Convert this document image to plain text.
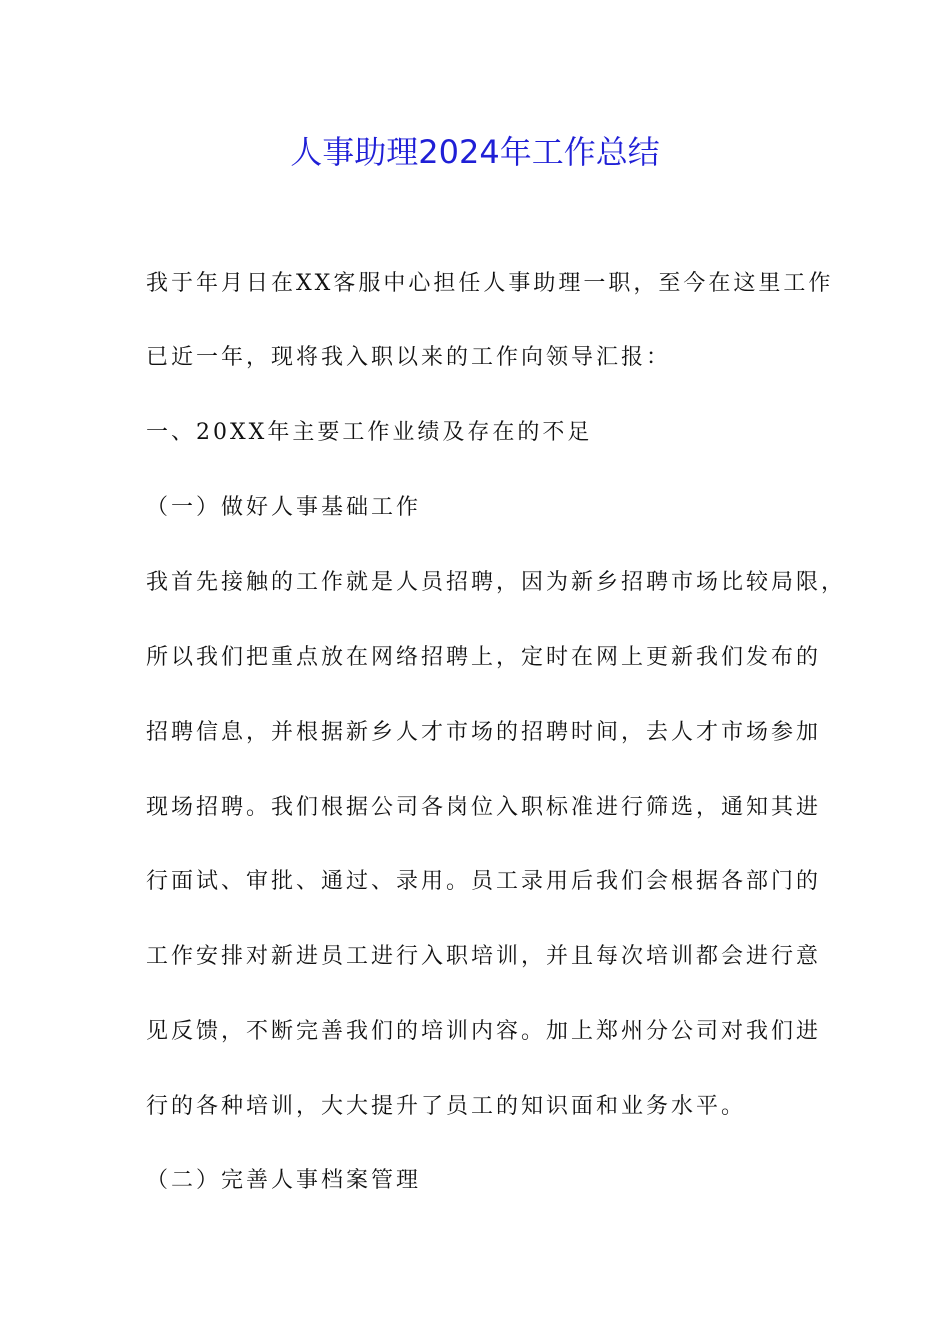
人事助理2024年工作总结
我于年月日在XX客服中心担任人事助理一职，至今在这里工作
已近一年，现将我入职以来的工作向领导汇报：
一、20XX年主要工作业绩及存在的不足
（一）做好人事基础工作
我首先接触的工作就是人员招聘，因为新乡招聘市场比较局限，
所以我们把重点放在网络招聘上，定时在网上更新我们发布的
招聘信息，并根据新乡人才市场的招聘时间，去人才市场参加
现场招聘。我们根据公司各岗位入职标准进行筛选，通知其进
行面试、审批、通过、录用。员工录用后我们会根据各部门的
工作安排对新进员工进行入职培训，并且每次培训都会进行意
见反馈，不断完善我们的培训内容。加上郑州分公司对我们进
行的各种培训，大大提升了员工的知识面和业务水平。
（二）完善人事档案管理
